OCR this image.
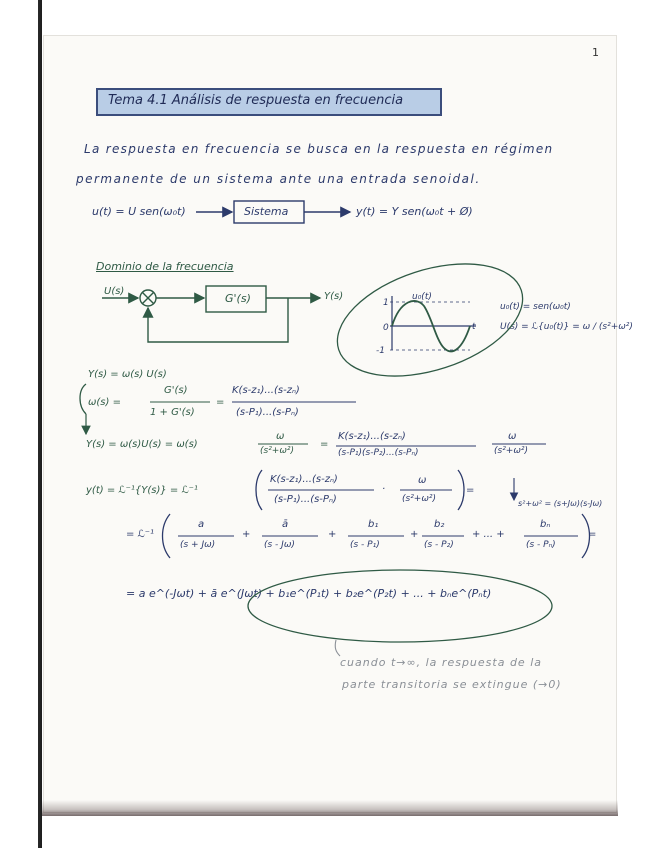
1
Tema 4.1 Análisis de respuesta en frecuencia
La respuesta en frecuencia se busca en la respuesta en régimen
permanente de un sistema ante una entrada senoidal.
u(t) = U sen(ω₀t)	Sistema	y(t) = Y sen(ω₀t + Ø)
Dominio de la frecuencia
U(s)
G'(s)	Y(s)	u₀(t)
1
0
-1
t
u₀(t) = sen(ω₀t)
U(s) = ℒ{u₀(t)} = ω / (s²+ω²)
Y(s) = ω(s) U(s)
ω(s) =
G'(s)
1 + G'(s)
=
K(s-z₁)...(s-zₙ)
(s-P₁)...(s-Pₙ)
Y(s) = ω(s)U(s) = ω(s)
ω
(s²+ω²)
=
K(s-z₁)...(s-zₙ)
(s-P₁)(s-P₂)...(s-Pₙ)
ω
(s²+ω²)
y(t) = ℒ⁻¹{Y(s)} = ℒ⁻¹
K(s-z₁)...(s-zₙ)
(s-P₁)...(s-Pₙ)
·
ω
(s²+ω²)
=
s²+ω² = (s+Jω)(s-Jω)
= ℒ⁻¹
a
(s + Jω)
+
ā
(s - Jω)
+
b₁
(s - P₁)
+
b₂
(s - P₂)
+ ... +
bₙ
(s - Pₙ)
=
= a e^(-Jωt) + ā e^(Jωt) + b₁e^(P₁t) + b₂e^(P₂t) + ... + bₙe^(Pₙt)
cuando t→∞, la respuesta de la
parte transitoria se extingue (→0)
